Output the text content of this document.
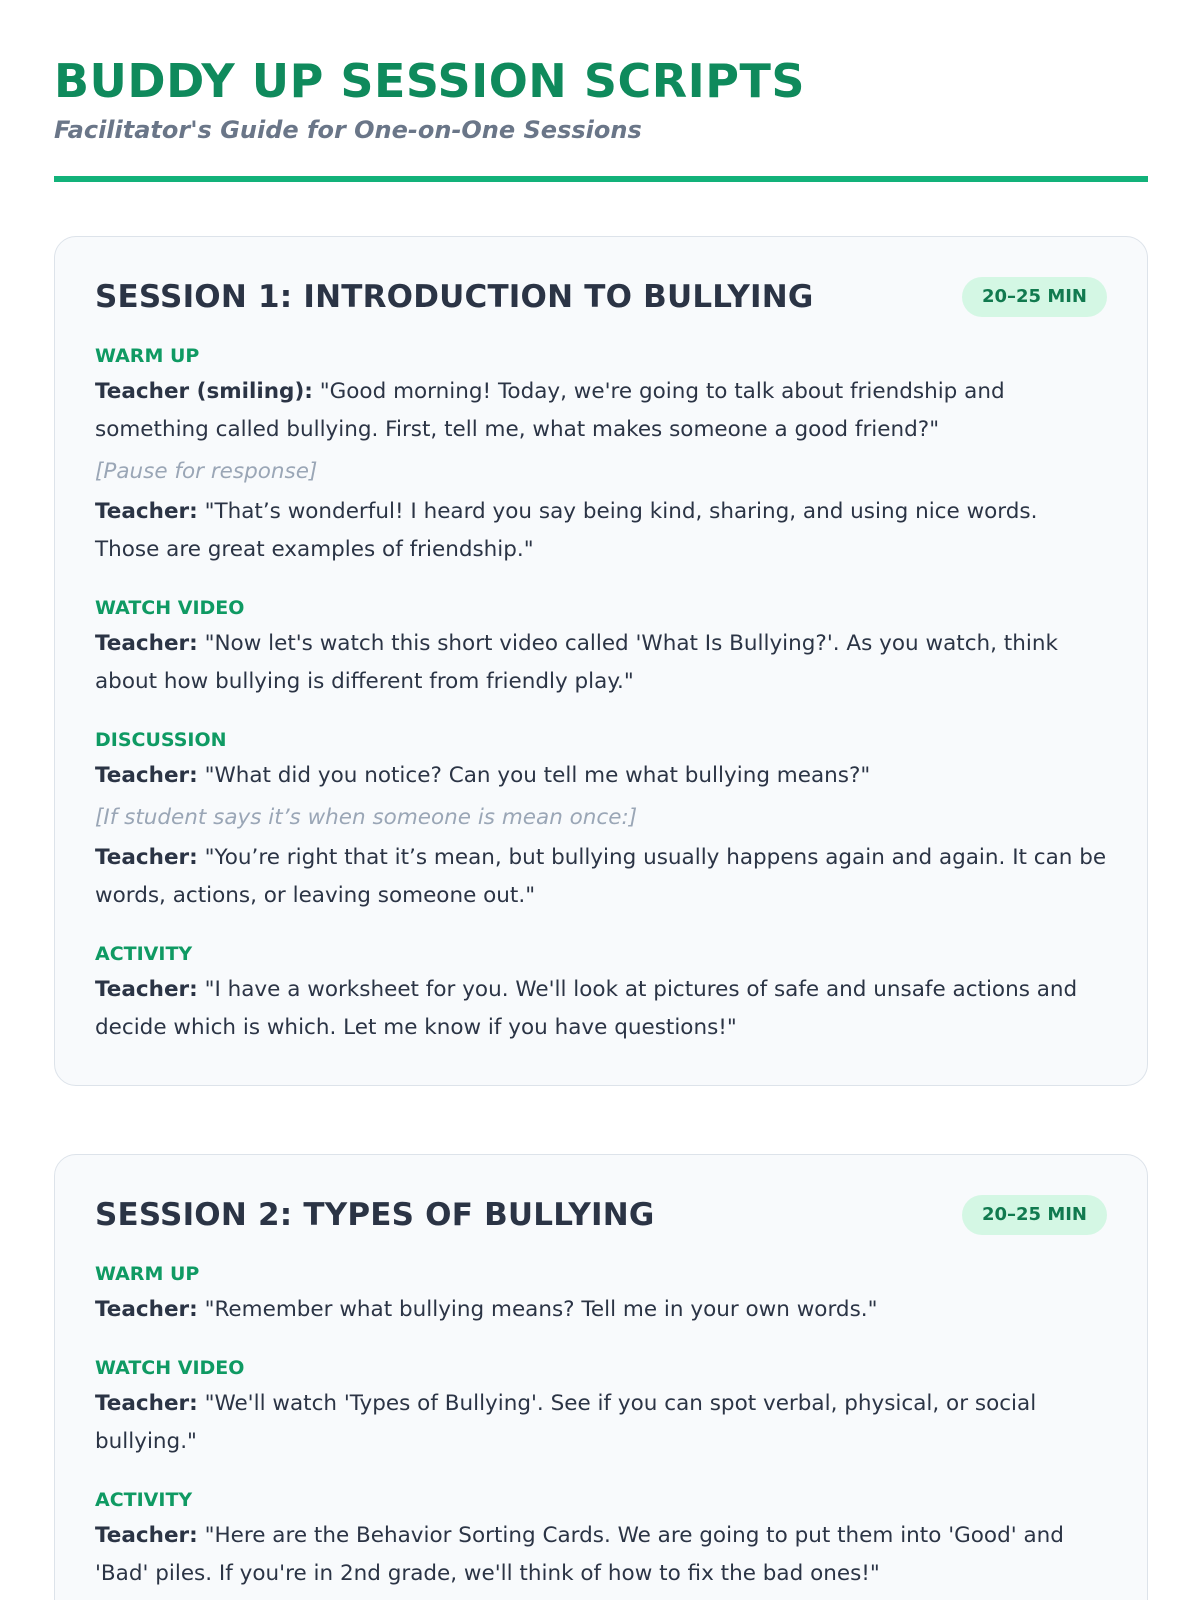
BUDDY UP SESSION SCRIPTS

Facilitator's Guide for One-on-One Sessions

SESSION 1: INTRODUCTION TO BULLYING	20–25 MIN
WARM UP

Teacher (smiling): "Good morning! Today, we're going to talk about friendship and something called bullying. First, tell me, what makes someone a good friend?"

[Pause for response]

Teacher: "That’s wonderful! I heard you say being kind, sharing, and using nice words. Those are great examples of friendship."

WATCH VIDEO

Teacher: "Now let's watch this short video called 'What Is Bullying?'. As you watch, think about how bullying is different from friendly play."

DISCUSSION

Teacher: "What did you notice? Can you tell me what bullying means?"

[If student says it’s when someone is mean once:]

Teacher: "You’re right that it’s mean, but bullying usually happens again and again. It can be words, actions, or leaving someone out."

ACTIVITY

Teacher: "I have a worksheet for you. We'll look at pictures of safe and unsafe actions and decide which is which. Let me know if you have questions!"

SESSION 2: TYPES OF BULLYING	20–25 MIN
WARM UP

Teacher: "Remember what bullying means? Tell me in your own words."

WATCH VIDEO

Teacher: "We'll watch 'Types of Bullying'. See if you can spot verbal, physical, or social bullying."

ACTIVITY

Teacher: "Here are the Behavior Sorting Cards. We are going to put them into 'Good' and 'Bad' piles. If you're in 2nd grade, we'll think of how to fix the bad ones!"
